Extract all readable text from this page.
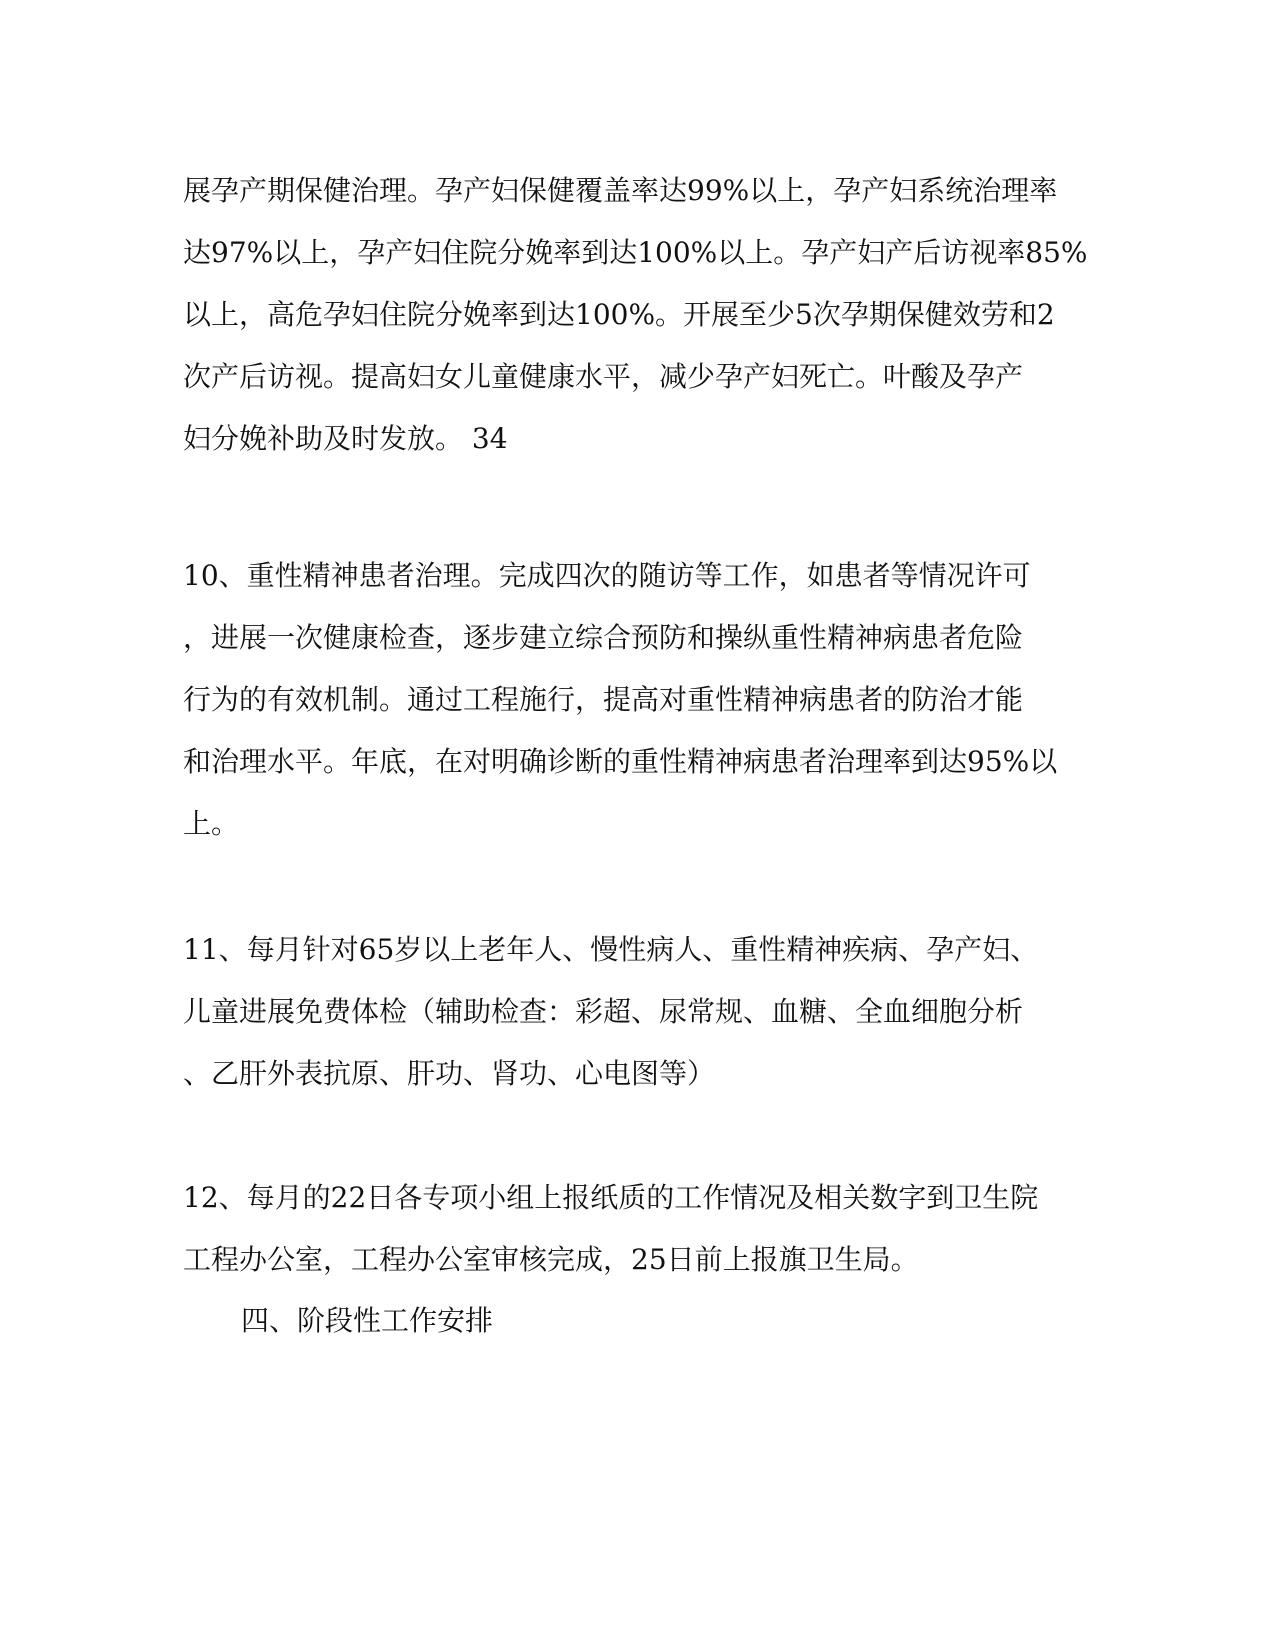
展孕产期保健治理。孕产妇保健覆盖率达99%以上，孕产妇系统治理率
达97%以上，孕产妇住院分娩率到达100%以上。孕产妇产后访视率85%
以上，高危孕妇住院分娩率到达100%。开展至少5次孕期保健效劳和2
次产后访视。提高妇女儿童健康水平，减少孕产妇死亡。叶酸及孕产
妇分娩补助及时发放。 34
10、重性精神患者治理。完成四次的随访等工作，如患者等情况许可
，进展一次健康检查，逐步建立综合预防和操纵重性精神病患者危险
行为的有效机制。通过工程施行，提高对重性精神病患者的防治才能
和治理水平。年底，在对明确诊断的重性精神病患者治理率到达95%以
上。
11、每月针对65岁以上老年人、慢性病人、重性精神疾病、孕产妇、
儿童进展免费体检（辅助检查：彩超、尿常规、血糖、全血细胞分析
、乙肝外表抗原、肝功、肾功、心电图等）
12、每月的22日各专项小组上报纸质的工作情况及相关数字到卫生院
工程办公室，工程办公室审核完成，25日前上报旗卫生局。
四、阶段性工作安排
